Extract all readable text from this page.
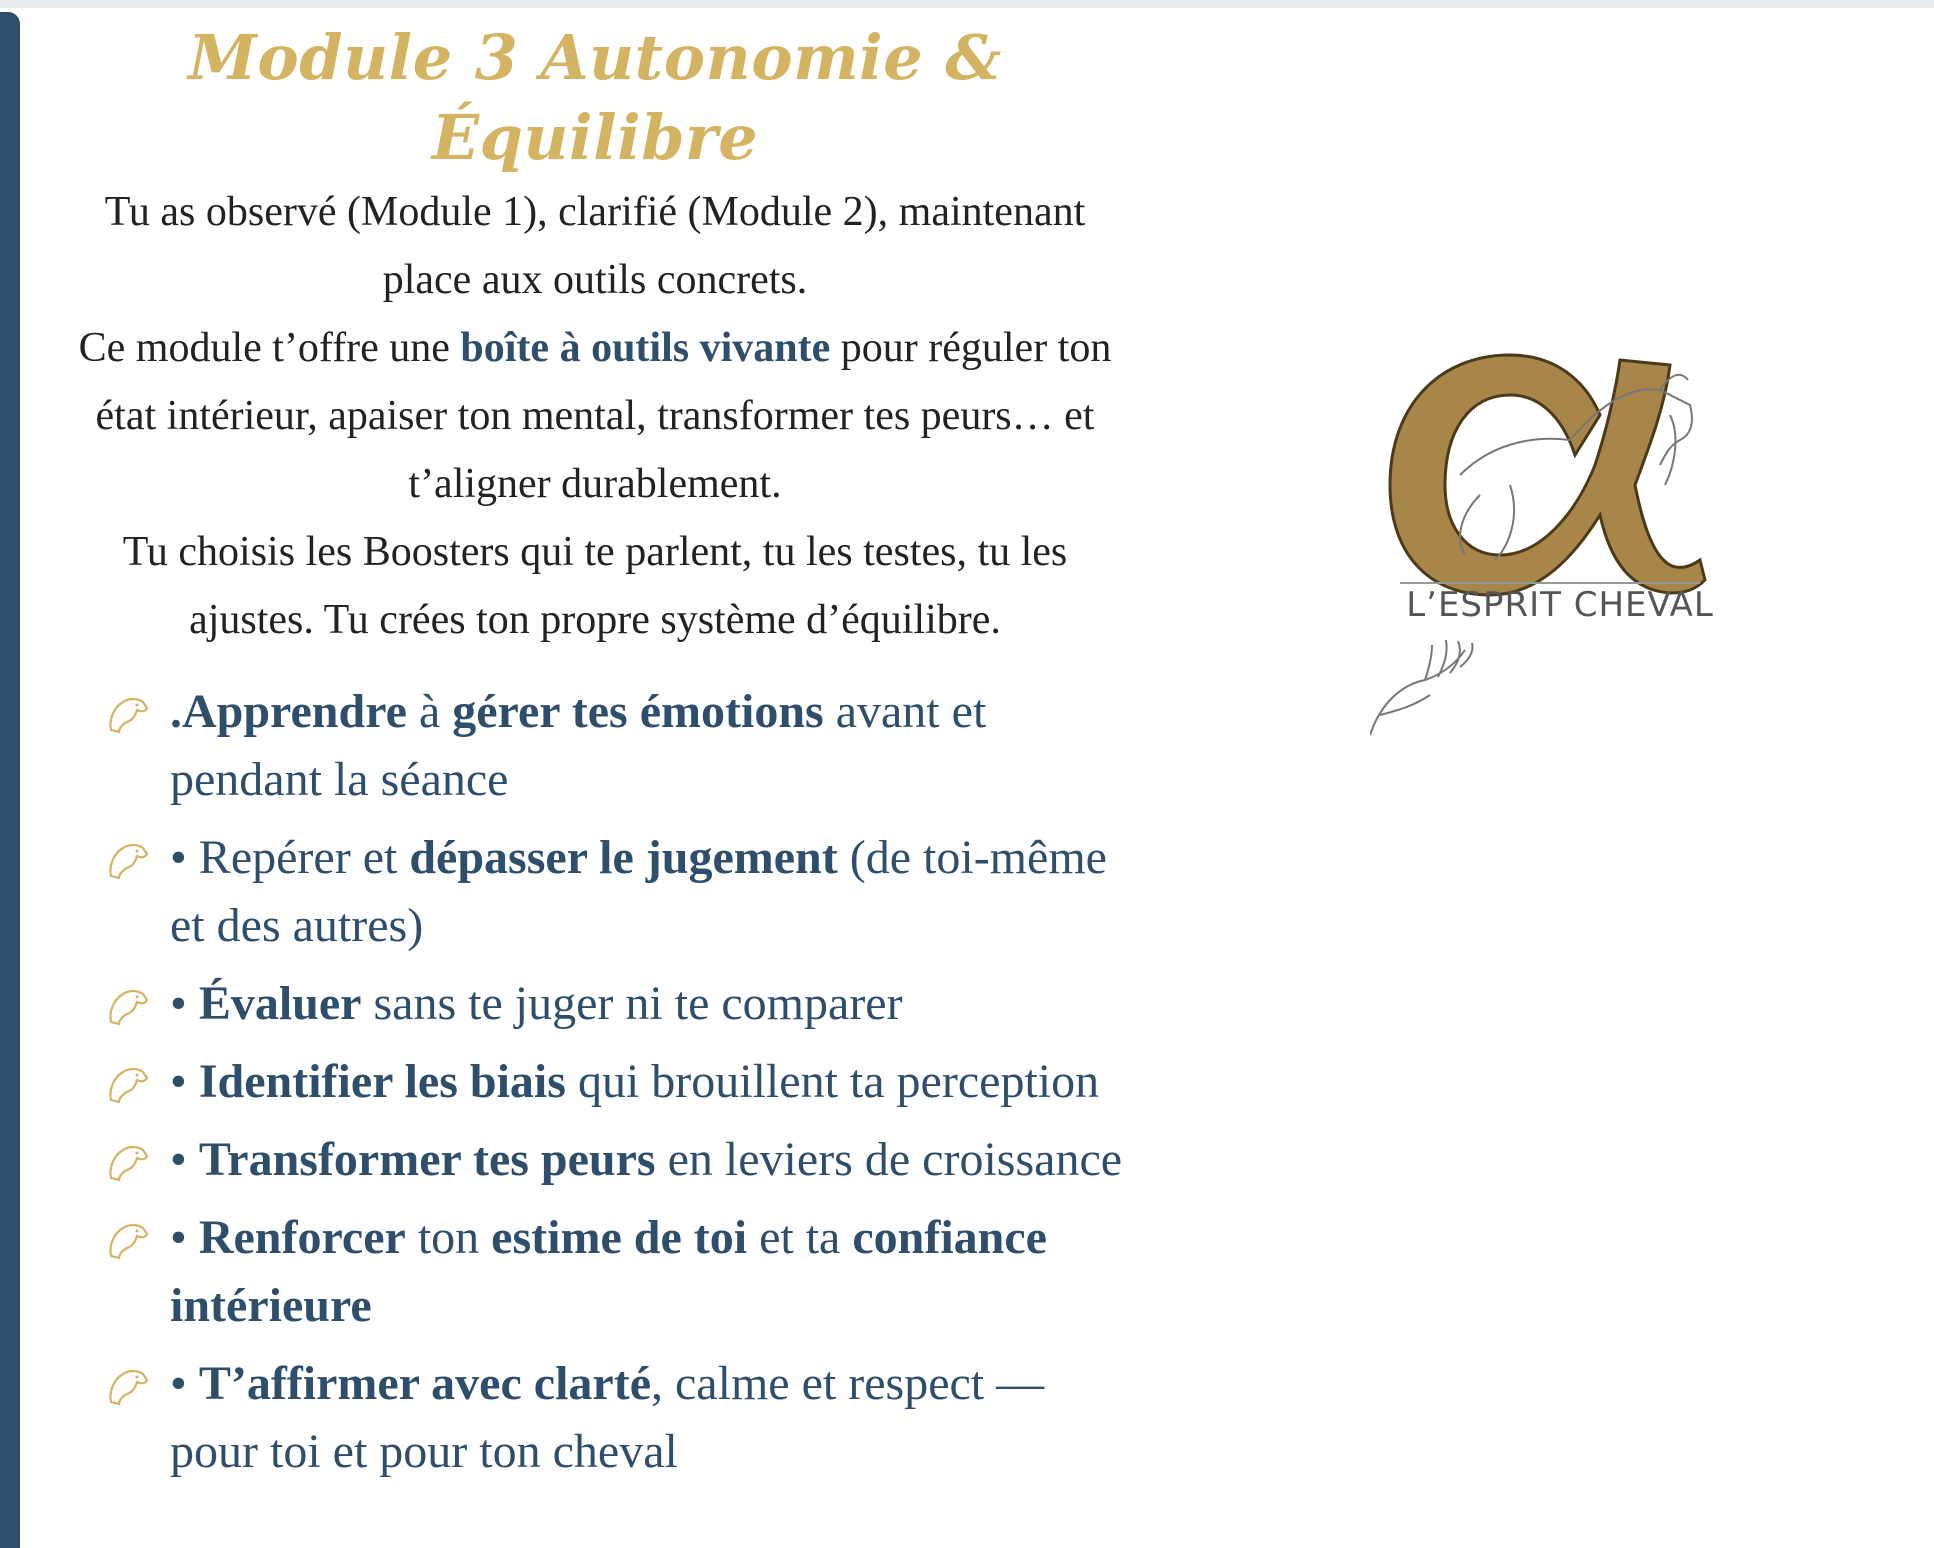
Module 3 Autonomie & Équilibre

Tu as observé (Module 1), clarifié (Module 2), maintenant place aux outils concrets.

Ce module t’offre une boîte à outils vivante pour réguler ton état intérieur, apaiser ton mental, transformer tes peurs… et t’aligner durablement.

Tu choisis les Boosters qui te parlent, tu les testes, tu les ajustes. Tu crées ton propre système d’équilibre.

.Apprendre à gérer tes émotions avant et pendant la séance
• Repérer et dépasser le jugement (de toi-même et des autres)
• Évaluer sans te juger ni te comparer
• Identifier les biais qui brouillent ta perception
• Transformer tes peurs en leviers de croissance
• Renforcer ton estime de toi et ta confiance intérieure
• T’affirmer avec clarté, calme et respect — pour toi et pour ton cheval
L’ESPRIT CHEVAL
